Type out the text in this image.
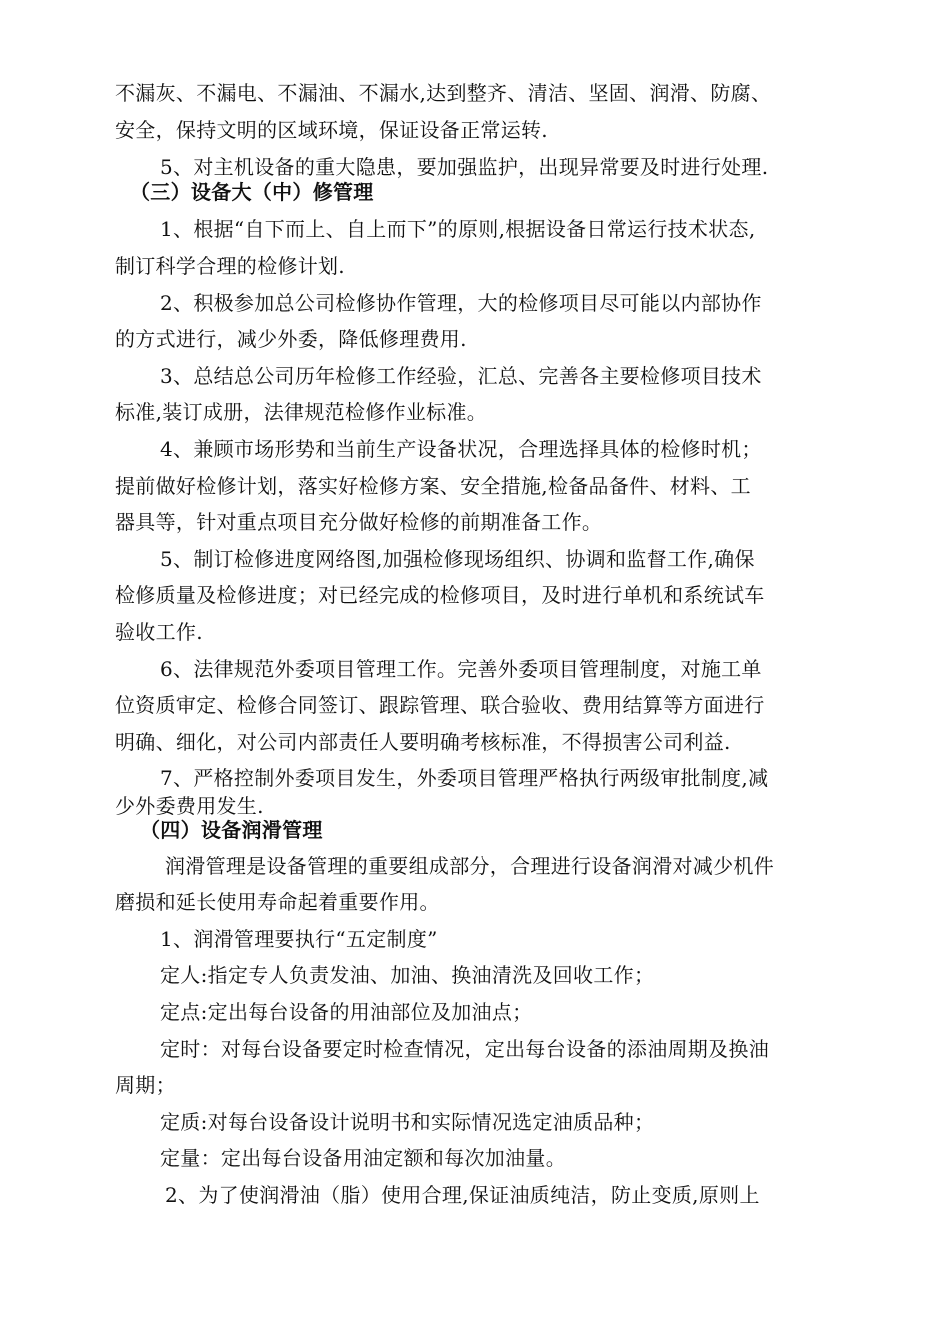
不漏灰、不漏电、不漏油、不漏水,达到整齐、清洁、坚固、润滑、防腐、
安全，保持文明的区域环境，保证设备正常运转.
5、对主机设备的重大隐患，要加强监护，出现异常要及时进行处理.
（三）设备大（中）修管理
1、根据“自下而上、自上而下”的原则,根据设备日常运行技术状态,
制订科学合理的检修计划.
2、积极参加总公司检修协作管理，大的检修项目尽可能以内部协作
的方式进行，减少外委，降低修理费用.
3、总结总公司历年检修工作经验，汇总、完善各主要检修项目技术
标准,装订成册，法律规范检修作业标准。
4、兼顾市场形势和当前生产设备状况，合理选择具体的检修时机；
提前做好检修计划，落实好检修方案、安全措施,检备品备件、材料、工
器具等，针对重点项目充分做好检修的前期准备工作。
5、制订检修进度网络图,加强检修现场组织、协调和监督工作,确保
检修质量及检修进度；对已经完成的检修项目，及时进行单机和系统试车
验收工作.
6、法律规范外委项目管理工作。完善外委项目管理制度，对施工单
位资质审定、检修合同签订、跟踪管理、联合验收、费用结算等方面进行
明确、细化，对公司内部责任人要明确考核标准，不得损害公司利益.
7、严格控制外委项目发生，外委项目管理严格执行两级审批制度,减
少外委费用发生.
（四）设备润滑管理
润滑管理是设备管理的重要组成部分，合理进行设备润滑对减少机件
磨损和延长使用寿命起着重要作用。
1、润滑管理要执行“五定制度”
定人:指定专人负责发油、加油、换油清洗及回收工作；
定点:定出每台设备的用油部位及加油点；
定时：对每台设备要定时检查情况，定出每台设备的添油周期及换油
周期；
定质:对每台设备设计说明书和实际情况选定油质品种；
定量：定出每台设备用油定额和每次加油量。
2、为了使润滑油（脂）使用合理,保证油质纯洁，防止变质,原则上
